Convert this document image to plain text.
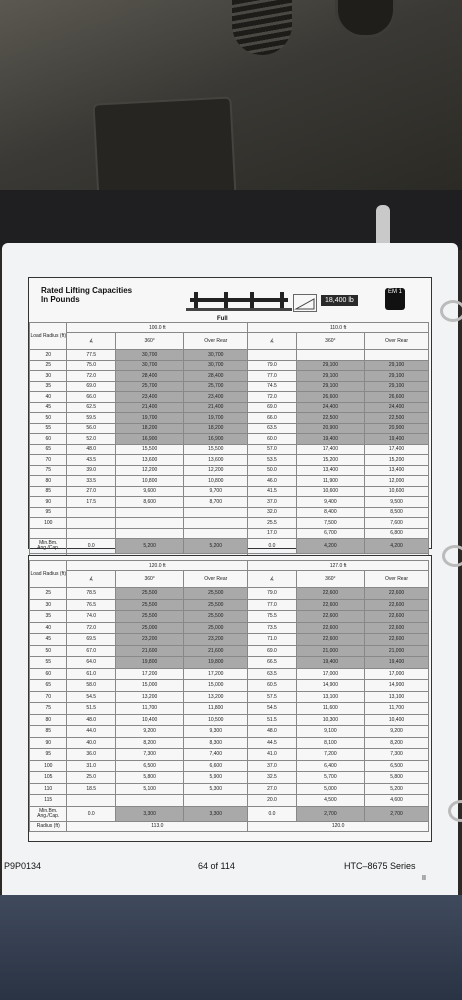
Rated Lifting Capacities
In Pounds
Full
18,400 lb
EM 1
Load Radius (ft)	100.0 ft			110.0 ft		
	∡	360°	Over Rear	∡	360°	Over Rear
20	77.5	30,700	30,700			
25	75.0	30,700	30,700	79.0	29,100	29,100
30	72.0	28,400	28,400	77.0	29,100	29,100
35	69.0	25,700	25,700	74.5	29,100	29,100
40	66.0	23,400	23,400	72.0	26,600	26,600
45	62.5	21,400	21,400	69.0	24,400	24,400
50	59.5	19,700	19,700	66.0	22,500	22,500
55	56.0	18,200	18,200	63.5	20,900	20,900
60	52.0	16,900	16,900	60.0	19,400	19,400
65	48.0	15,500	15,500	57.0	17,400	17,400
70	43.5	13,600	13,600	53.5	15,200	15,200
75	39.0	12,200	12,200	50.0	13,400	13,400
80	33.5	10,800	10,800	46.0	11,900	12,000
85	27.0	9,600	9,700	41.5	10,600	10,600
90	17.5	8,600	8,700	37.0	9,400	9,500
95				32.0	8,400	8,500
100				25.5	7,500	7,600
				17.0	6,700	6,800
Min.Bm. Ang./Cap.	0.0	5,200	5,200	0.0	4,200	4,200

Load Radius (ft)	120.0 ft			127.0 ft		
	∡	360°	Over Rear	∡	360°	Over Rear
25	78.5	25,500	25,500	79.0	22,600	22,600
30	76.5	25,500	25,500	77.0	22,600	22,600
35	74.0	25,500	25,500	75.5	22,600	22,600
40	72.0	25,000	25,000	73.5	22,600	22,600
45	69.5	23,200	23,200	71.0	22,600	22,600
50	67.0	21,600	21,600	69.0	21,000	21,000
55	64.0	19,800	19,800	66.5	19,400	19,400
60	61.0	17,200	17,200	63.5	17,000	17,000
65	58.0	15,000	15,000	60.5	14,900	14,900
70	54.5	13,200	13,200	57.5	13,100	13,100
75	51.5	11,700	11,800	54.5	11,600	11,700
80	48.0	10,400	10,500	51.5	10,300	10,400
85	44.0	9,200	9,300	48.0	9,100	9,200
90	40.0	8,200	8,300	44.5	8,100	8,200
95	36.0	7,300	7,400	41.0	7,200	7,300
100	31.0	6,500	6,600	37.0	6,400	6,500
105	25.0	5,800	5,900	32.5	5,700	5,800
110	18.5	5,100	5,300	27.0	5,000	5,200
115				20.0	4,500	4,600
Min.Bm. Ang./Cap.	0.0	3,300	3,300	0.0	2,700	2,700
Radius (ft)	113.0			120.0		
P9P0134	64 of 114	HTC–8675 Series
II
